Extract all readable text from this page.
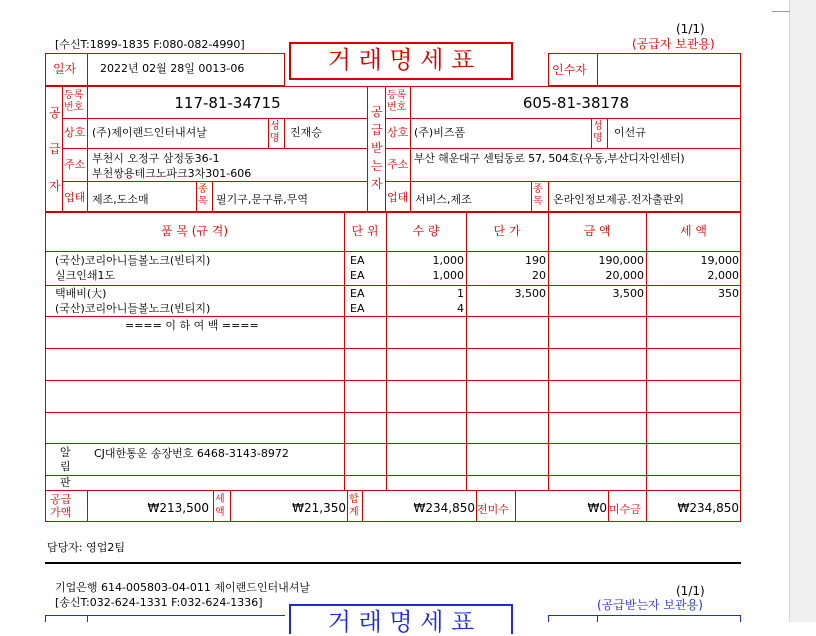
(1/1)
(공급자 보관용)
[수신T:1899-1835 F:080-082-4990]
거 래 명 세 표
일자 2022년 02월 28일 0013-06	인수자
공
급
자
등록번호	117-81-34715
상호 (주)제이랜드인터내셔날	성명 진재승
주소 부천시 오정구 삼정동36-1
부천쌍용테크노파크3차301-606
업태 제조,도소매
종목 필기구,문구류,무역
공
급
받
는
자
등록번호	605-81-38178
상호 (주)비즈폼	성명 이선규
주소 부산 해운대구 센텀동로 57, 504호(우동,부산디자인센터)
업태 서비스,제조
종목 온라인정보제공.전자출판외
품 목 (규 격)	단 위	수 량	단 가	금 액	세 액
(국산)코리아니들볼노크(빈티지)	EA	1,000	190	190,000	19,000
실크인쇄1도	EA	1,000	20	20,000	2,000
택배비(大)	EA	1	3,500	3,500	350
(국산)코리아니들볼노크(빈티지)	EA	4
==== 이 하 여 백 ====
알림
CJ대한통운 송장번호 6468-3143-8972
판
공급가액	₩213,500
세액	₩21,350
합계	₩234,850 전미수	₩0 미수금	₩234,850
담당자: 영업2팀
기업은행 614-005803-04-011 제이랜드인터내셔날	(1/1)
[송신T:032-624-1331 F:032-624-1336]	(공급받는자 보관용)
거 래 명 세 표
